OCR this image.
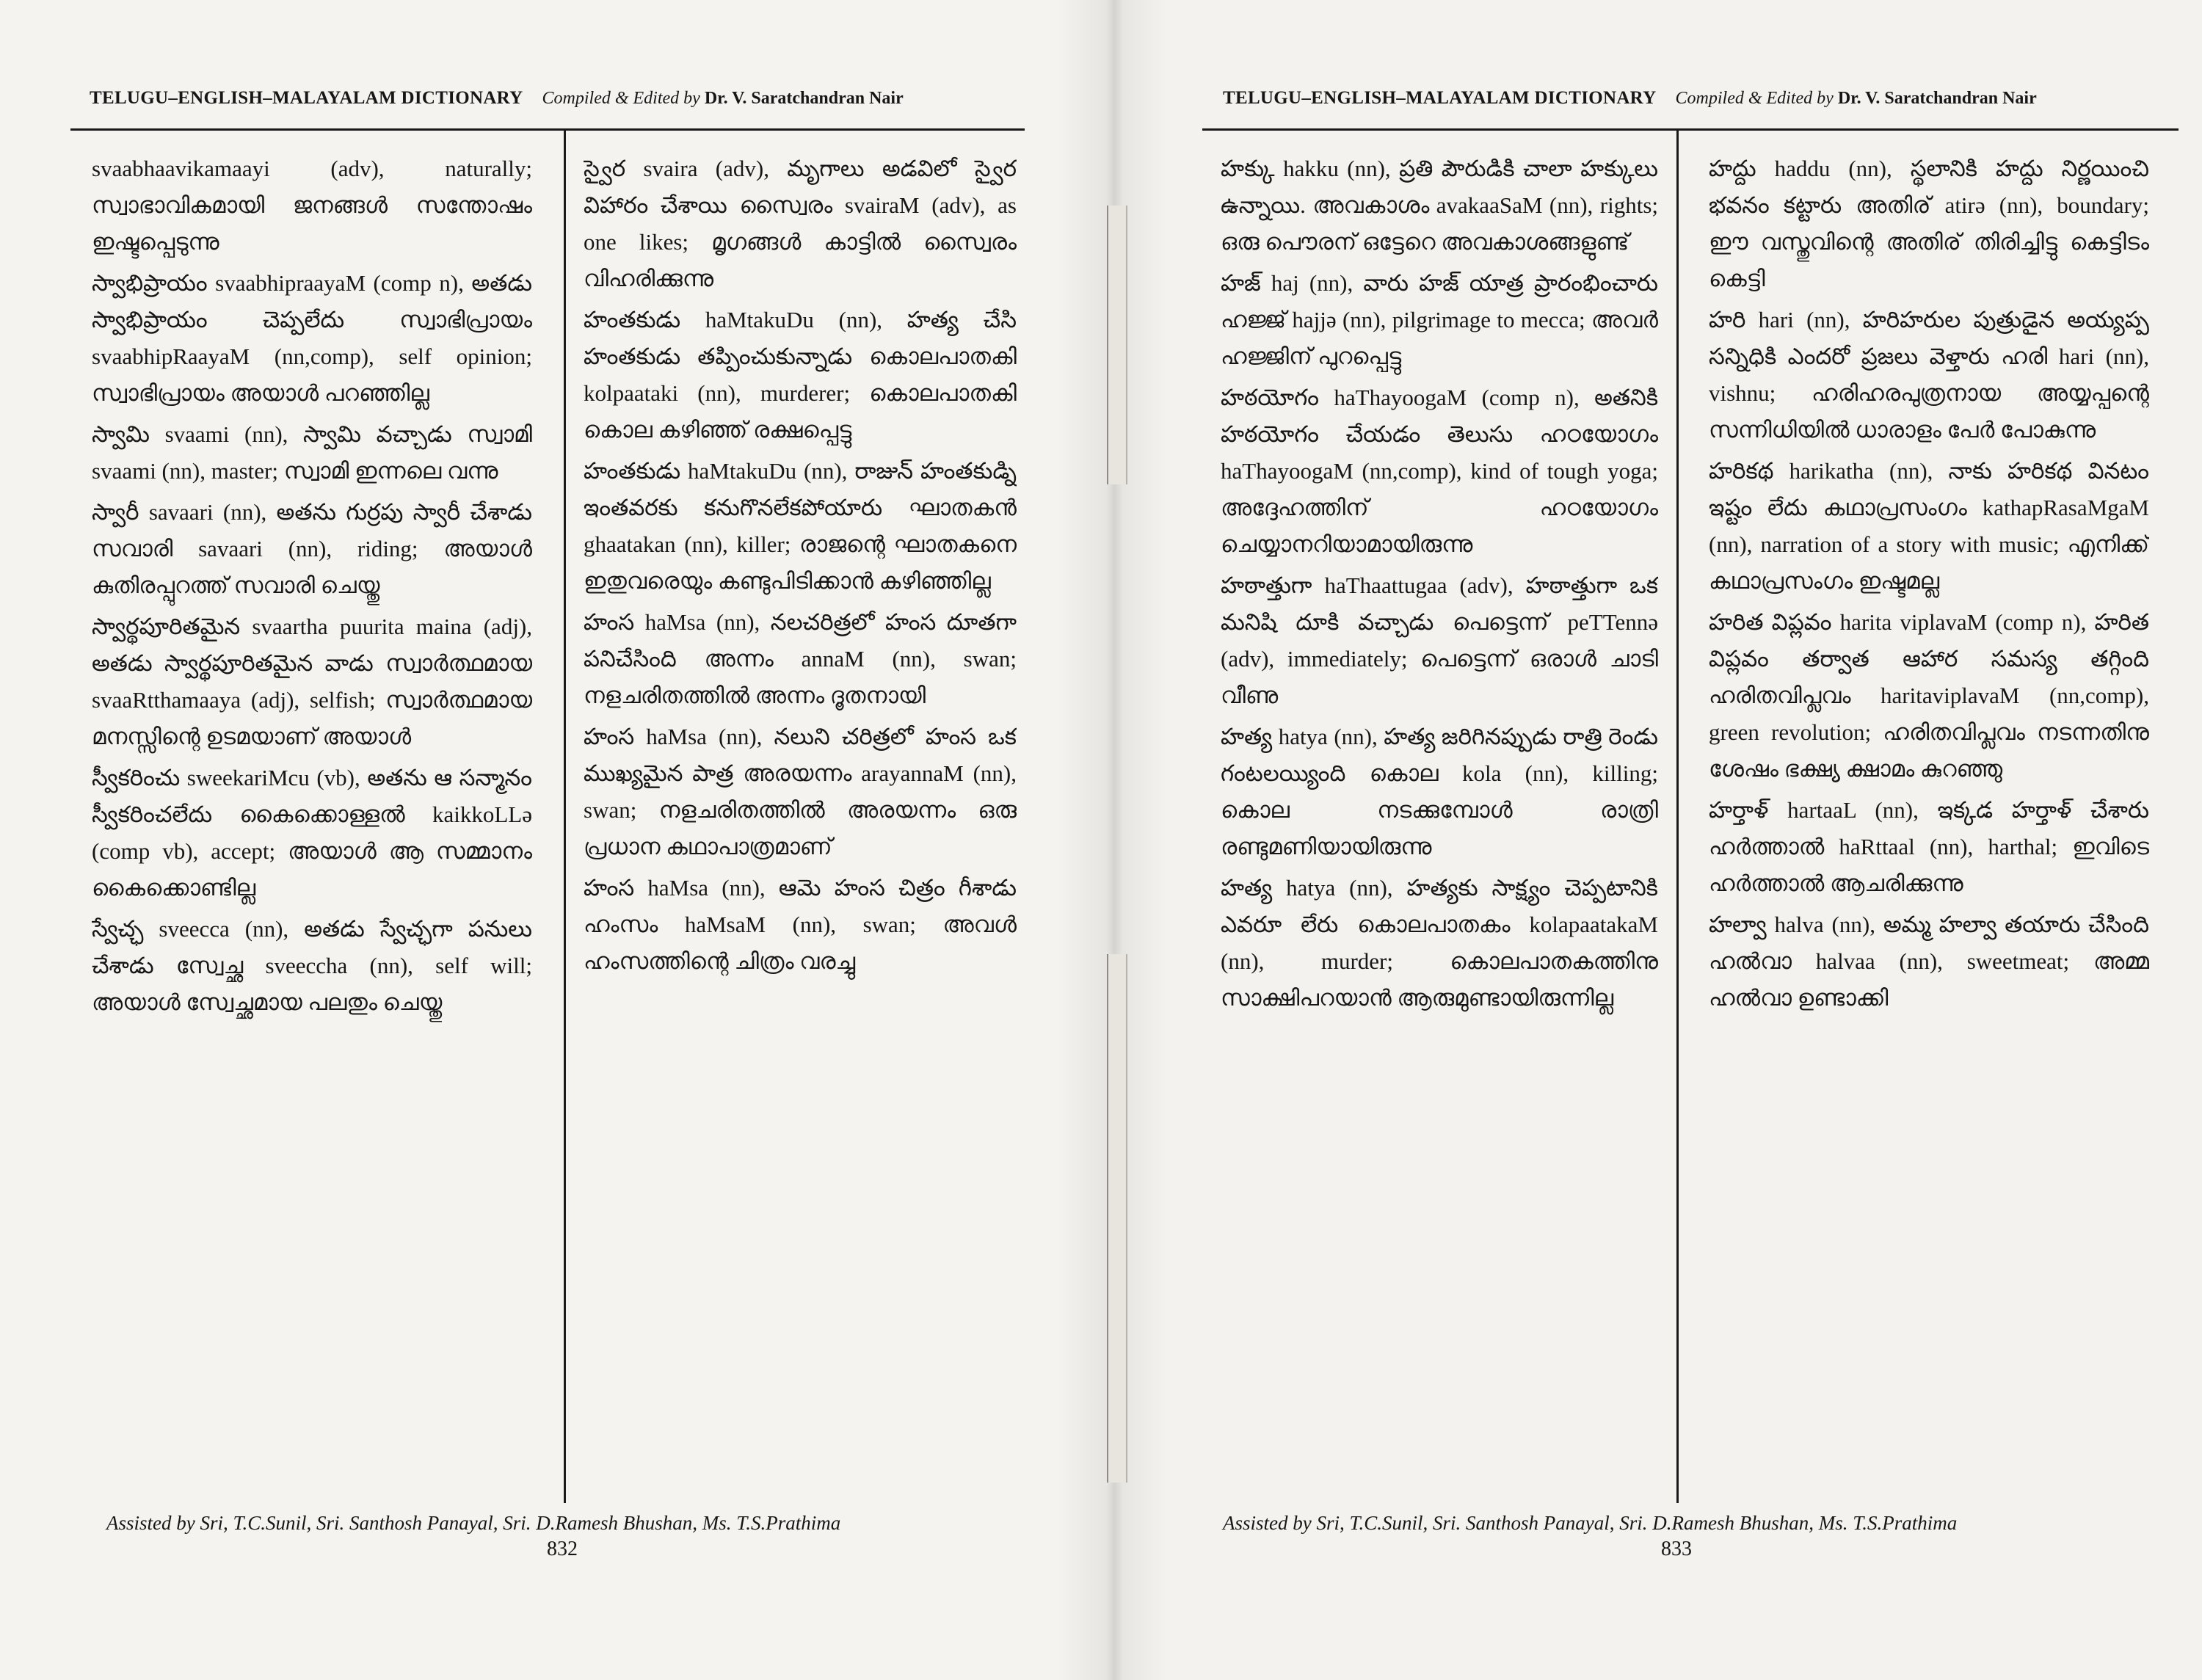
TELUGU–ENGLISH–MALAYALAM DICTIONARY Compiled & Edited by Dr. V. Saratchandran Nair

svaabhaavikamaayi (adv), naturally; സ്വാഭാവികമായി ജനങ്ങൾ സന്തോഷം ഇഷ്ടപ്പെടുന്നു

స్వాభిప్రాయం svaabhipraayaM (comp n), అతడు స్వాభిప్రాయం చెప్పలేదు സ്വാഭിപ്രായം svaabhipRaayaM (nn,comp), self opinion; സ്വാഭിപ്രായം അയാൾ പറഞ്ഞില്ല

స్వామి svaami (nn), స్వామి వచ్చాడు സ്വാമി svaami (nn), master; സ്വാമി ഇന്നലെ വന്നു

స్వారీ savaari (nn), అతను గుర్రపు స్వారీ చేశాడు സവാരി savaari (nn), riding; അയാൾ കുതിരപ്പുറത്ത് സവാരി ചെയ്തു

స్వార్థపూరితమైన svaartha puurita maina (adj), అతడు స్వార్థపూరితమైన వాడు സ്വാർത്ഥമായ svaaRtthamaaya (adj), selfish; സ്വാർത്ഥമായ മനസ്സിന്റെ ഉടമയാണ് അയാൾ

స్వీకరించు sweekariMcu (vb), అతను ఆ సన్మానం స్వీకరించలేదు കൈക്കൊള്ളൽ kaikkoLLə (comp vb), accept; അയാൾ ആ സമ്മാനം കൈക്കൊണ്ടില്ല

స్వేచ్ఛ sveecca (nn), అతడు స్వేచ్ఛగా పనులు చేశాడు സ്വേച്ഛ sveeccha (nn), self will; അയാൾ സ്വേച്ഛമായ പലതും ചെയ്തു

స్వైర svaira (adv), మృగాలు అడవిలో స్వైర విహారం చేశాయి സ്വൈരം svairaM (adv), as one likes; മൃഗങ്ങൾ കാട്ടിൽ സ്വൈരം വിഹരിക്കുന്നു

హంతకుడు haMtakuDu (nn), హత్య చేసి హంతకుడు తప్పించుకున్నాడు കൊലപാതകി kolpaataki (nn), murderer; കൊലപാതകി കൊല കഴിഞ്ഞ് രക്ഷപ്പെട്ടു

హంతకుడు haMtakuDu (nn), రాజున్ హంతకుడ్ని ఇంతవరకు కనుగొనలేకపోయారు ഘാതകൻ ghaatakan (nn), killer; രാജന്റെ ഘാതകനെ ഇതുവരെയും കണ്ടുപിടിക്കാൻ കഴിഞ്ഞില്ല

హంస haMsa (nn), నలచరిత్రలో హంస దూతగా పనిచేసింది അന്നം annaM (nn), swan; നളചരിതത്തിൽ അന്നം ദൂതനായി

హంస haMsa (nn), నలుని చరిత్రలో హంస ఒక ముఖ్యమైన పాత్ర അരയന്നം arayannaM (nn), swan; നളചരിതത്തിൽ അരയന്നം ഒരു പ്രധാന കഥാപാത്രമാണ്

హంస haMsa (nn), ఆమె హంస చిత్రం గీశాడు ഹംസം haMsaM (nn), swan; അവൾ ഹംസത്തിന്റെ ചിത്രം വരച്ചു

Assisted by Sri, T.C.Sunil, Sri. Santhosh Panayal, Sri. D.Ramesh Bhushan, Ms. T.S.Prathima
832
TELUGU–ENGLISH–MALAYALAM DICTIONARY Compiled & Edited by Dr. V. Saratchandran Nair

హక్కు hakku (nn), ప్రతి పౌరుడికి చాలా హక్కులు ఉన్నాయి. അവകാശം avakaaSaM (nn), rights; ഒരു പൌരന് ഒട്ടേറെ അവകാശങ്ങളുണ്ട്

హజ్ haj (nn), వారు హజ్ యాత్ర ప్రారంభించారు ഹജ്ജ് hajjə (nn), pilgrimage to mecca; അവർ ഹജ്ജിന് പുറപ്പെട്ടു

హఠయోగం haThayoogaM (comp n), అతనికి హఠయోగం చేయడం తెలుసు ഹഠയോഗം haThayoogaM (nn,comp), kind of tough yoga; അദ്ദേഹത്തിന് ഹഠയോഗം ചെയ്യാനറിയാമായിരുന്നു

హఠాత్తుగా haThaattugaa (adv), హఠాత్తుగా ఒక మనిషి దూకి వచ్చాడు പെട്ടെന്ന് peTTennə (adv), immediately; പെട്ടെന്ന് ഒരാൾ ചാടി വീണു

హత్య hatya (nn), హత్య జరిగినప్పుడు రాత్రి రెండు గంటలయ్యింది കൊല kola (nn), killing; കൊല നടക്കുമ്പോൾ രാത്രി രണ്ടുമണിയായിരുന്നു

హత్య hatya (nn), హత్యకు సాక్ష్యం చెప్పటానికి ఎవరూ లేరు കൊലപാതകം kolapaatakaM (nn), murder; കൊലപാതകത്തിനു സാക്ഷിപറയാൻ ആരുമുണ്ടായിരുന്നില്ല

హద్దు haddu (nn), స్థలానికి హద్దు నిర్ణయించి భవనం కట్టారు അതിര് atirə (nn), boundary; ഈ വസ്തുവിന്റെ അതിര് തിരിച്ചിട്ടു കെട്ടിടം കെട്ടി

హరి hari (nn), హరిహరుల పుత్రుడైన అయ్యప్ప సన్నిధికి ఎందరో ప్రజలు వెళ్తారు ഹരി hari (nn), vishnu; ഹരിഹരപുത്രനായ അയ്യപ്പന്റെ സന്നിധിയിൽ ധാരാളം പേർ പോകുന്നു

హరికథ harikatha (nn), నాకు హరికథ వినటం ఇష్టం లేదు കഥാപ്രസംഗം kathapRasaMgaM (nn), narration of a story with music; എനിക്ക് കഥാപ്രസംഗം ഇഷ്ടമല്ല

హరిత విప్లవం harita viplavaM (comp n), హరిత విప్లవం తర్వాత ఆహార సమస్య తగ్గింది ഹരിതവിപ്ലവം haritaviplavaM (nn,comp), green revolution; ഹരിതവിപ്ലവം നടന്നതിനു ശേഷം ഭക്ഷ്യ ക്ഷാമം കുറഞ്ഞു

హర్తాళ్ hartaaL (nn), ఇక్కడ హర్తాళ్ చేశారు ഹർത്താൽ haRttaal (nn), harthal; ഇവിടെ ഹർത്താൽ ആചരിക്കുന്നു

హల్వా halva (nn), అమ్మ హల్వా తయారు చేసింది ഹൽവാ halvaa (nn), sweetmeat; അമ്മ ഹൽവാ ഉണ്ടാക്കി

Assisted by Sri, T.C.Sunil, Sri. Santhosh Panayal, Sri. D.Ramesh Bhushan, Ms. T.S.Prathima
833
